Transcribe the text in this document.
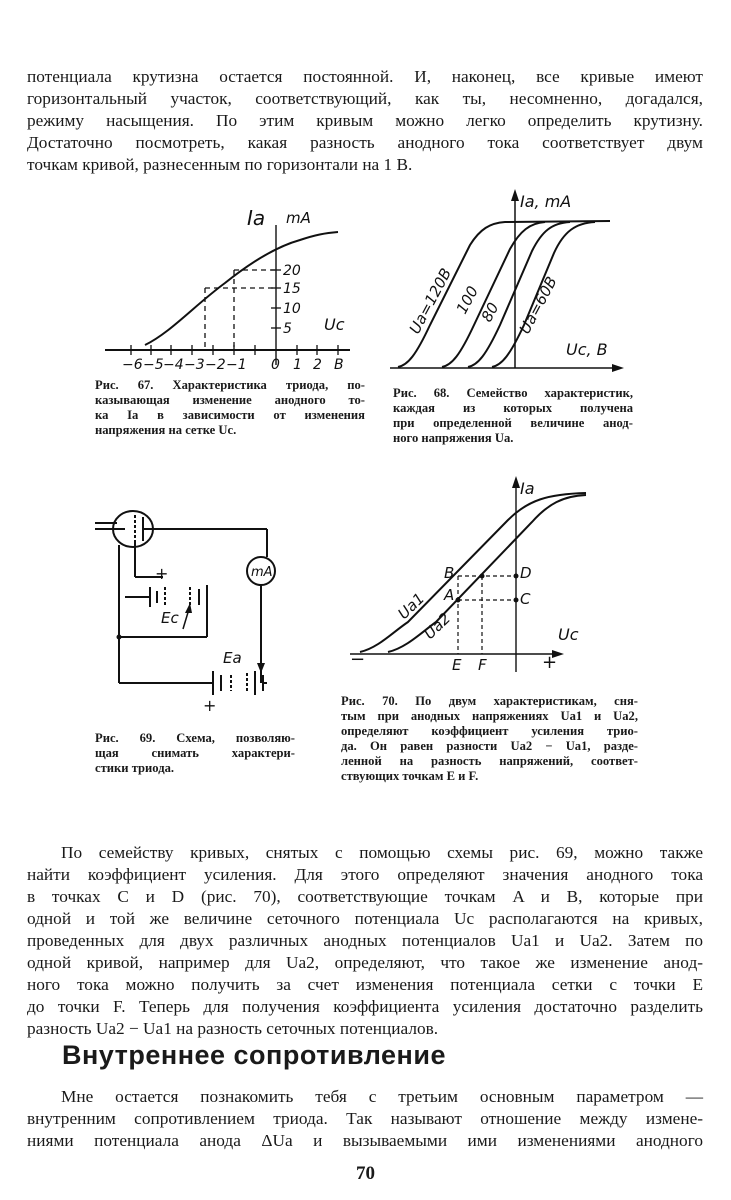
потенциала крутизна остается постоянной. И, наконец, все кривые имеют
горизонтальный участок, соответствующий, как ты, несомненно, догадался,
режиму насыщения. По этим кривым можно легко определить крутизну.
Достаточно посмотреть, какая разность анодного тока соответствует двум
точкам кривой, разнесенным по горизонтали на 1 В.
Iа mA
Uc
20
15
10
5
−6 −5 −4 −3 −2 −1 0 1 2 B
Рис. 67. Характеристика триода, по-
казывающая изменение анодного то-
ка Iа в зависимости от изменения
напряжения на сетке Uc.
Iа, mA
Uc, В
Ua=120B
100
80 Ua=60B
Рис. 68. Семейство характеристик,
каждая из которых получена
при определенной величине анод-
ного напряжения Ua.
mA
Ec
Ea
+
+
Рис. 69. Схема, позволяю-
щая снимать характери-
стики триода.
Iа
Uc
Ua1
Ua2
B
A
D
C
E F
−	+
Рис. 70. По двум характеристикам, сня-
тым при анодных напряжениях Ua1 и Ua2,
определяют коэффициент усиления трио-
да. Он равен разности Ua2 − Ua1, разде-
ленной на разность напряжений, соответ-
ствующих точкам E и F.
По семейству кривых, снятых с помощью схемы рис. 69, можно также
найти коэффициент усиления. Для этого определяют значения анодного тока
в точках C и D (рис. 70), соответствующие точкам A и B, которые при
одной и той же величине сеточного потенциала Uc располагаются на кривых,
проведенных для двух различных анодных потенциалов Ua1 и Ua2. Затем по
одной кривой, например для Ua2, определяют, что такое же изменение анод-
ного тока можно получить за счет изменения потенциала сетки с точки E
до точки F. Теперь для получения коэффициента усиления достаточно разделить
разность Ua2 − Ua1 на разность сеточных потенциалов.
Внутреннее сопротивление
Мне остается познакомить тебя с третьим основным параметром —
внутренним сопротивлением триода. Так называют отношение между измене-
ниями потенциала анода ΔUa и вызываемыми ими изменениями анодного
70
